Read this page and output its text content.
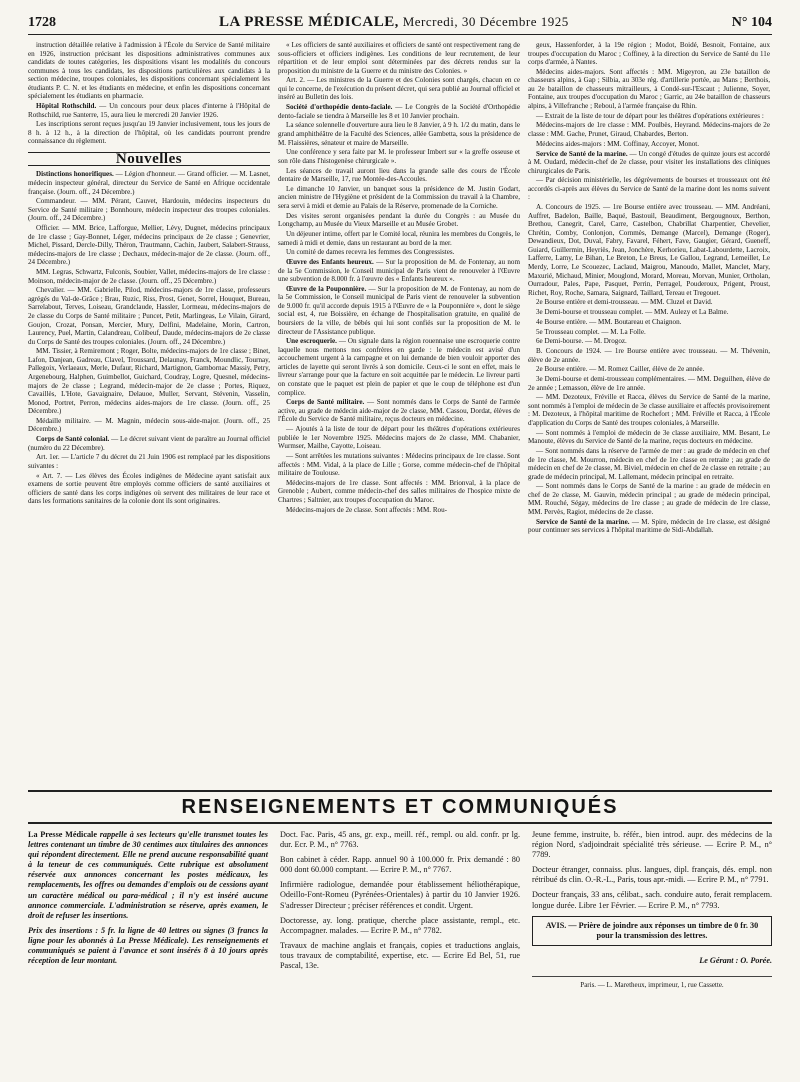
1728	LA PRESSE MÉDICALE, Mercredi, 30 Décembre 1925	N° 104

instruction détaillée relative à l'admission à l'École du Service de Santé militaire en 1926, instruction précisant les dispositions administratives communes aux candidats de toutes catégories, les dispositions visant les modalités du concours communes à tous les candidats, les dispositions particulières aux candidats à la section médecine, troupes coloniales, les dispositions concernant spécialement les étudiants P. C. N. et les étudiants en médecine, et enfin les dispositions concernant spécialement les étudiants en pharmacie.

Hôpital Rothschild. — Un concours pour deux places d'interne à l'Hôpital de Rothschild, rue Santerre, 15, aura lieu le mercredi 20 Janvier 1926.

Les inscriptions seront reçues jusqu'au 19 Janvier inclusivement, tous les jours de 8 h. à 12 h., à la direction de l'hôpital, où les candidats pourront prendre connaissance du règlement.

Nouvelles

Distinctions honorifiques. — Légion d'honneur. — Grand officier. — M. Lasnet, médecin inspecteur général, directeur du Service de Santé en Afrique occidentale française. (Journ. off., 24 Décembre.)

Commandeur. — MM. Pérant, Cauvet, Hardouin, médecins inspecteurs du Service de Santé militaire ; Bonnhoure, médecin inspecteur des troupes coloniales. (Journ. off., 24 Décembre.)

Officier. — MM. Brice, Lafforgue, Mellier, Lévy, Dugnet, médecins principaux de 1re classe ; Gay-Bonnet, Léger, médecins principaux de 2e classe ; Genevrier, Michel, Pissard, Dercle-Dilly, Théron, Trautmann, Cachin, Jaubert, Salabert-Strauss, médecins-majors de 1re classe ; Dechaux, médecin-major de 2e classe. (Journ. off., 24 Décembre.)

MM. Legras, Schwartz, Fulconis, Soubier, Vallet, médecins-majors de 1re classe : Moinson, médecin-major de 2e classe. (Journ. off., 25 Décembre.)

Chevalier. — MM. Gabrielle, Pilod, médecins-majors de 1re classe, professeurs agrégés du Val-de-Grâce ; Brau, Ruzic, Riss, Prost, Genet, Sorrel, Houquet, Bureau, Sarrelabout, Terves, Loiseau, Grandclaude, Hassler, Lormeau, médecins-majors de 2e classe du Corps de Santé militaire ; Puncet, Petit, Marlingeas, Le Vilain, Girard, Goujon, Crozat, Ponsan, Mercier, Mury, Delfini, Madelaine, Morin, Cartron, Laurency, Puel, Martin, Calandreau, Colibeuf, Daude, médecins-majors de 2e classe du Corps de Santé des troupes coloniales. (Journ. off., 24 Décembre.)

MM. Tissier, à Remiremont ; Roger, Bolte, médecins-majors de 1re classe ; Binet, Lafon, Danjean, Gadreau, Clavel, Troussard, Delaunay, Franck, Moundlic, Tournay, Pallegoix, Verlaeaux, Merle, Dufaur, Richard, Martignon, Gambornac Massiy, Petry, Argenebourg, Halphen, Guimbellot, Guichard, Coudray, Logre, Quesnel, médecins-majors de 2e classe ; Legrand, médecin-major de 2e classe ; Portes, Riquez, Cavaillès, L'Hote, Gavaignaire, Delauoe, Muller, Servant, Stévenin, Vasselin, Monod, Portret, Perron, médecins aides-majors de 1re classe. (Journ. off., 25 Décembre.)

Médaille militaire. — M. Magnin, médecin sous-aide-major. (Journ. off., 25 Décembre.)

Corps de Santé colonial. — Le décret suivant vient de paraître au Journal officiel (numéro du 22 Décembre).

Art. 1er. — L'article 7 du décret du 21 Juin 1906 est remplacé par les dispositions suivantes :

« Art. 7. — Les élèves des Écoles indigènes de Médecine ayant satisfait aux examens de sortie peuvent être employés comme officiers de santé auxiliaires et officiers de santé dans les corps indigènes où servent des militaires de leur race et dans les formations sanitaires de la colonie dont ils sont originaires.

« Les officiers de santé auxiliaires et officiers de santé ont respectivement rang de sous-officiers et officiers indigènes. Les conditions de leur recrutement, de leur répartition et de leur emploi sont déterminées par des décrets rendus sur la proposition du ministre de la Guerre et du ministre des Colonies. »

Art. 2. — Les ministres de la Guerre et des Colonies sont chargés, chacun en ce qui le concerne, de l'exécution du présent décret, qui sera publié au Journal officiel et inséré au Bulletin des lois.

Société d'orthopédie dento-faciale. — Le Congrès de la Société d'Orthopédie dento-faciale se tiendra à Marseille les 8 et 10 Janvier prochain.

La séance solennelle d'ouverture aura lieu le 8 Janvier, à 9 h. 1/2 du matin, dans le grand amphithéâtre de la Faculté des Sciences, allée Gambetta, sous la présidence de M. Flaissières, sénateur et maire de Marseille.

Une conférence y sera faite par M. le professeur Imbert sur « la greffe osseuse et son rôle dans l'histogenèse chirurgicale ».

Les séances de travail auront lieu dans la grande salle des cours de l'École dentaire de Marseille, 17, rue Montée-des-Accoules.

Le dimanche 10 Janvier, un banquet sous la présidence de M. Justin Godart, ancien ministre de l'Hygiène et président de la Commission du travail à la Chambre, sera servi à midi et demie au Palais de la Réserve, promenade de la Corniche.

Des visites seront organisées pendant la durée du Congrès : au Musée du Longchamp, au Musée du Vieux Marseille et au Musée Grobet.

Un déjeuner intime, offert par le Comité local, réunira les membres du Congrès, le samedi à midi et demie, dans un restaurant au bord de la mer.

Un comité de dames recevra les femmes des Congressistes.

Œuvre des Enfants heureux. — Sur la proposition de M. de Fontenay, au nom de la 5e Commission, le Conseil municipal de Paris vient de renouveler à l'Œuvre une subvention de 8.000 fr. à l'œuvre des « Enfants heureux ».

Œuvre de la Pouponnière. — Sur la proposition de M. de Fontenay, au nom de la 5e Commission, le Conseil municipal de Paris vient de renouveler la subvention de 9.000 fr. qu'il accorde depuis 1915 à l'Œuvre de « la Pouponnière », dont le siège social est, 4, rue Boissière, en échange de l'hospitalisation gratuite, en qualité de boursiers de la ville, de bébés qui lui sont confiés sur la proposition de M. le directeur de l'Assistance publique.

Une escroquerie. — On signale dans la région rouennaise une escroquerie contre laquelle nous mettons nos confrères en garde : le médecin est avisé d'un accouchement urgent à la campagne et on lui demande de bien vouloir apporter des articles de layette qui seront livrés à son domicile. Ceux-ci le sont en effet, mais le livreur s'arrange pour que la facture en soit acquittée par le médecin. Le livreur parti on constate que le paquet est plein de papier et que le coup de téléphone est d'un complice.

Corps de Santé militaire. — Sont nommés dans le Corps de Santé de l'armée active, au grade de médecin aide-major de 2e classe, MM. Cassou, Dordat, élèves de l'École du Service de Santé militaire, reçus docteurs en médecine.

— Ajoutés à la liste de tour de départ pour les théâtres d'opérations extérieures publiée le 1er Novembre 1925. Médecins majors de 2e classe, MM. Chabanier, Wurmser, Mailhe, Cayotte, Loiseau.

— Sont arrêtées les mutations suivantes : Médecins principaux de 1re classe. Sont affectés : MM. Vidal, à la place de Lille ; Gorse, comme médecin-chef de l'hôpital militaire de Toulouse.

Médecins-majors de 1re classe. Sont affectés : MM. Brionval, à la place de Grenoble ; Aubert, comme médecin-chef des salles militaires de l'hospice mixte de Chartres ; Saltnier, aux troupes d'occupation du Maroc.

Médecins-majors de 2e classe. Sont affectés : MM. Rou-

geux, Hassenforder, à la 19e région ; Modot, Boidé, Besnoit, Fontaine, aux troupes d'occupation du Maroc ; Coffiney, à la direction du Service de Santé du 11e corps d'armée, à Nantes.

Médecins aides-majors. Sont affectés : MM. Migeyron, au 23e bataillon de chasseurs alpins, à Gap ; Silbia, au 303e rég. d'artillerie portée, au Mans ; Berthois, au 2e bataillon de chasseurs mitrailleurs, à Condé-sur-l'Escaut ; Julienne, Soyer, Fontaine, aux troupes d'occupation du Maroc ; Garric, au 24e bataillon de chasseurs alpins, à Villefranche ; Reboul, à l'armée française du Rhin.

— Extrait de la liste de tour de départ pour les théâtres d'opérations extérieures :

Médecins-majors de 1re classe : MM. Poulbès, Heyrand. Médecins-majors de 2e classe : MM. Gache, Prunet, Giraud, Chabardes, Berton.

Médecins aides-majors : MM. Coffinay, Accoyer, Monot.

Service de Santé de la marine. — Un congé d'études de quinze jours est accordé à M. Oudard, médecin-chef de 2e classe, pour visiter les installations des cliniques chirurgicales de Paris.

— Par décision ministérielle, les dégrèvements de bourses et trousseaux ont été accordés ci-après aux élèves du Service de Santé de la marine dont les noms suivent :

A. Concours de 1925. — 1re Bourse entière avec trousseau. — MM. Andréani, Auffret, Badelon, Baille, Baqué, Bastouil, Beaudiment, Bergougnoux, Berthon, Brethou, Canegrit, Carel, Carre, Castelbon, Chabrillat Charpentier, Chevelier, Chrétin, Comby, Conlonjon, Cornmès, Demange (Marcel), Demange (Roger), Dewandieux, Dot, Duval, Fabry, Favarel, Féhert, Fave, Gaugier, Gérard, Gueneff, Guiard, Guillermin, Heyriès, Jean, Jonchère, Kerhorieu, Labat-Labourdette, Lacroix, Lafferre, Lamy, Le Bihan, Le Breton, Le Breus, Le Gallou, Legrand, Lemeillet, Le Merdy, Lorre, Le Scouezec, Laclaud, Maigrou, Manoudo, Mallet, Manclet, Mary, Maxurié, Michaud, Minier, Mouglond, Morard, Moreau, Morvan, Munier, Ortholan, Ourradour, Pales, Pape, Pasquet, Perrin, Perragel, Pouderoux, Prigent, Proust, Richet, Roy, Roche, Samara, Saignard, Taillard, Tereau et Tregouet.

2e Bourse entière et demi-trousseau. — MM. Cluzel et David.

3e Demi-bourse et trousseau complet. — MM. Aulezy et La Balme.

4e Bourse entière. — MM. Boutareau et Chaignon.

5e Trousseau complet. — M. La Folle.

6e Demi-bourse. — M. Drogoz.

B. Concours de 1924. — 1re Bourse entière avec trousseau. — M. Thévenin, élève de 2e année.

2e Bourse entière. — M. Romez Cailler, élève de 2e année.

3e Demi-bourse et demi-trousseau complémentaires. — MM. Deguilhen, élève de 2e année ; Lemasson, élève de 1re année.

— MM. Dezoteux, Fréville et Racca, élèves du Service de Santé de la marine, sont nommés à l'emploi de médecin de 3e classe auxiliaire et affectés provisoirement : M. Dezoteux, à l'hôpital maritime de Rochefort ; MM. Fréville et Racca, à l'École d'application du Corps de Santé des troupes coloniales, à Marseille.

— Sont nommés à l'emploi de médecin de 3e classe auxiliaire, MM. Besant, Le Manoute, élèves du Service de Santé de la marine, reçus docteurs en médecine.

— Sont nommés dans la réserve de l'armée de mer : au grade de médecin en chef de 1re classe, M. Mourron, médecin en chef de 1re classe en retraite ; au grade de médecin en chef de 2e classe, M. Biviel, médecin en chef de 2e classe en retraite ; au grade de médecin principal, M. Lallemant, médecin principal en retraite.

— Sont nommés dans le Corps de Santé de la marine : au grade de médecin en chef de 2e classe, M. Gauvin, médecin principal ; au grade de médecin principal, MM. Rouché, Ségay, médecins de 1re classe ; au grade de médecin de 1re classe, MM. Pervès, Ragiot, médecins de 2e classe.

Service de Santé de la marine. — M. Spire, médecin de 1re classe, est désigné pour continuer ses services à l'hôpital maritime de Sidi-Abdallah.

RENSEIGNEMENTS ET COMMUNIQUÉS

La Presse Médicale rappelle à ses lecteurs qu'elle transmet toutes les lettres contenant un timbre de 30 centimes aux titulaires des annonces qui répondent directement. Elle ne prend aucune responsabilité quant à la teneur de ces communiqués. Cette rubrique est absolument réservée aux annonces concernant les postes médicaux, les remplacements, les offres ou demandes d'emplois ou de cessions ayant un caractère médical ou para-médical ; il n'y est inséré aucune annonce commerciale. L'administration se réserve, après examen, le droit de refuser les insertions.

Prix des insertions : 5 fr. la ligne de 40 lettres ou signes (3 francs la ligne pour les abonnés à La Presse Médicale). Les renseignements et communiqués se paient à l'avance et sont insérés 8 à 10 jours après réception de leur montant.

Doct. Fac. Paris, 45 ans, gr. exp., meill. réf., rempl. ou ald. confr. pr lg. dur. Ecr. P. M., n° 7763.

Bon cabinet à céder. Rapp. annuel 90 à 100.000 fr. Prix demandé : 80 000 dont 60.000 comptant. — Ecrire P. M., n° 7767.

Infirmière radiologue, demandée pour établissement héliothérapique, Odeillo-Font-Romeu (Pyrénées-Orientales) à partir du 10 Janvier 1926. S'adresser Directeur ; préciser références et condit. Urgent.

Doctoresse, ay. long. pratique, cherche place assistante, rempl., etc. Accompagner. malades. — Ecrire P. M., n° 7782.

Travaux de machine anglais et français, copies et traductions anglais, tous travaux de comptabilité, expertise, etc. — Ecrire Ed Bel, 51, rue Pascal, 13e.

Jeune femme, instruite, b. référ., bien introd. aupr. des médecins de la région Nord, s'adjoindrait spécialité très sérieuse. — Ecrire P. M., n° 7789.

Docteur étranger, connaiss. plus. langues, dipl. français, dés. empl. non rétribué ds clin. O.-R.-L., Paris, tous apr.-midi. — Ecrire P. M., n° 7791.

Docteur français, 33 ans, célibat., sach. conduire auto, ferait remplacem. longue durée. Libre 1er Février. — Ecrire P. M., n° 7793.

AVIS. — Prière de joindre aux réponses un timbre de 0 fr. 30 pour la transmission des lettres.
Le Gérant : O. Porée.
Paris. — L. Maretheux, imprimeur, 1, rue Cassette.
